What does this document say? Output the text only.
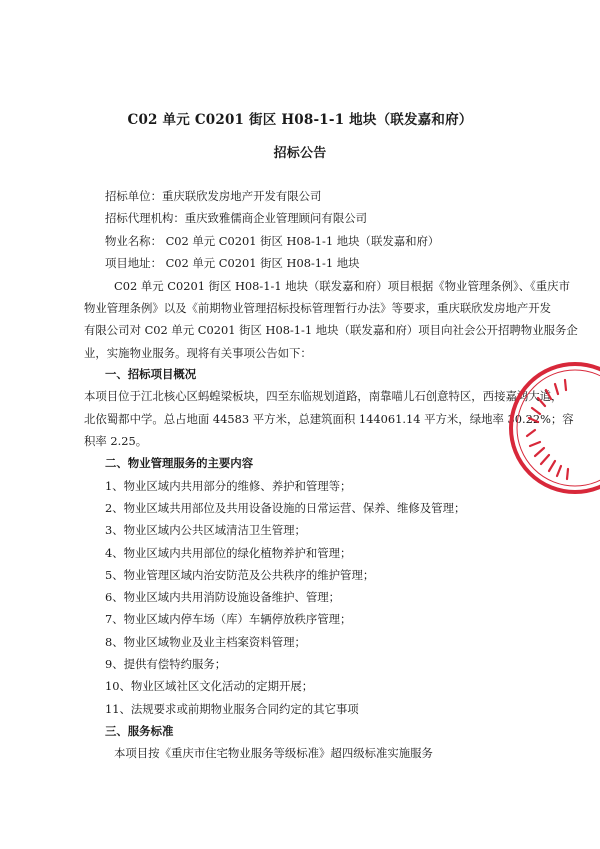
C02 单元 C0201 街区 H08-1-1 地块（联发嘉和府）
招标公告
招标单位：重庆联欣发房地产开发有限公司
招标代理机构：重庆致雅儒商企业管理顾问有限公司
物业名称： C02 单元 C0201 街区 H08-1-1 地块（联发嘉和府）
项目地址： C02 单元 C0201 街区 H08-1-1 地块
C02 单元 C0201 街区 H08-1-1 地块（联发嘉和府）项目根据《物业管理条例》、《重庆市
物业管理条例》以及《前期物业管理招标投标管理暂行办法》等要求，重庆联欣发房地产开发
有限公司对 C02 单元 C0201 街区 H08-1-1 地块（联发嘉和府）项目向社会公开招聘物业服务企
业，实施物业服务。现将有关事项公告如下：
一、招标项目概况
本项目位于江北核心区蚂蝗梁板块，四至东临规划道路，南靠喵儿石创意特区，西接嘉鸿大道，
北依蜀都中学。总占地面 44583 平方米，总建筑面积 144061.14 平方米，绿地率 30.22%；容
积率 2.25。
二、物业管理服务的主要内容
1、物业区域内共用部分的维修、养护和管理等；
2、物业区域共用部位及共用设备设施的日常运营、保养、维修及管理；
3、物业区域内公共区域清洁卫生管理；
4、物业区域内共用部位的绿化植物养护和管理；
5、物业管理区域内治安防范及公共秩序的维护管理；
6、物业区域内共用消防设施设备维护、管理；
7、物业区域内停车场（库）车辆停放秩序管理；
8、物业区域物业及业主档案资料管理；
9、提供有偿特约服务；
10、物业区域社区文化活动的定期开展；
11、法规要求或前期物业服务合同约定的其它事项
三、服务标准
本项目按《重庆市住宅物业服务等级标准》超四级标准实施服务
